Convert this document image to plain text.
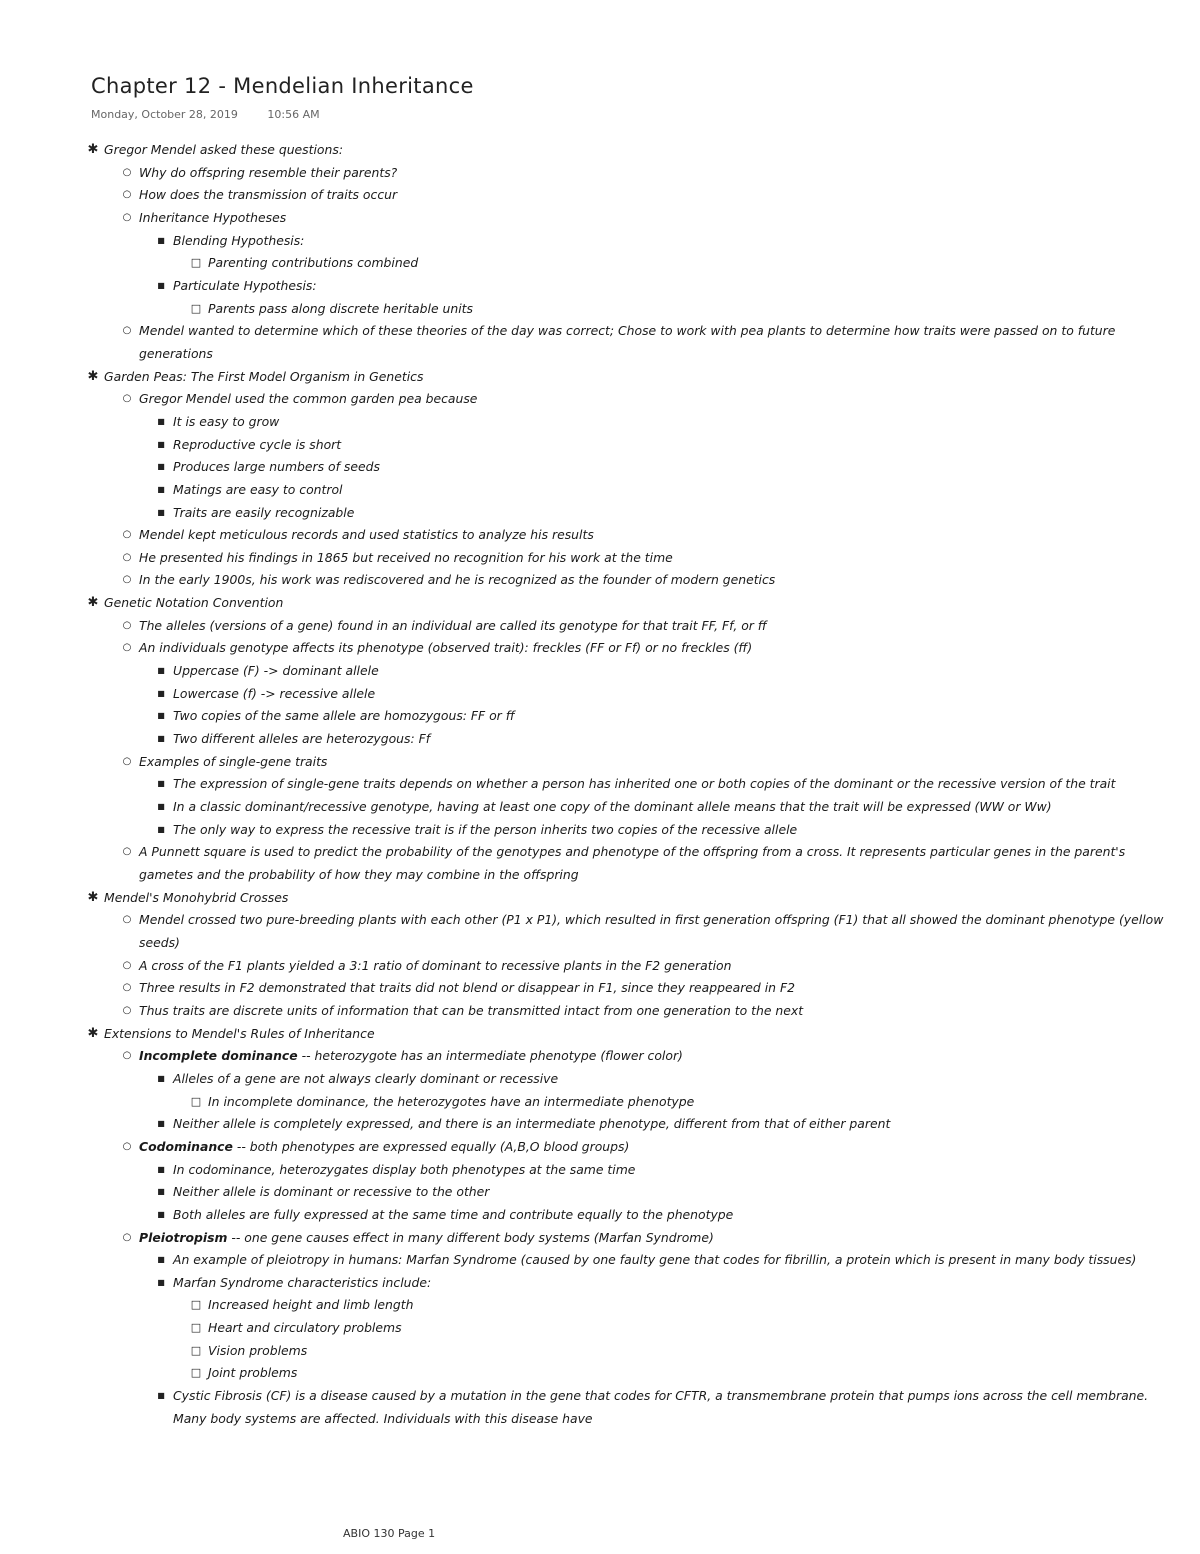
Chapter 12 - Mendelian Inheritance
Monday, October 28, 2019	10:56 AM
✱ Gregor Mendel asked these questions:
○ Why do offspring resemble their parents?
○ How does the transmission of traits occur
○ Inheritance Hypotheses
■ Blending Hypothesis:
□ Parenting contributions combined
■ Particulate Hypothesis:
□ Parents pass along discrete heritable units
○ Mendel wanted to determine which of these theories of the day was correct; Chose to work with pea plants to determine how traits were passed on to future generations
✱ Garden Peas: The First Model Organism in Genetics
○ Gregor Mendel used the common garden pea because
■ It is easy to grow
■ Reproductive cycle is short
■ Produces large numbers of seeds
■ Matings are easy to control
■ Traits are easily recognizable
○ Mendel kept meticulous records and used statistics to analyze his results
○ He presented his findings in 1865 but received no recognition for his work at the time
○ In the early 1900s, his work was rediscovered and he is recognized as the founder of modern genetics
✱ Genetic Notation Convention
○ The alleles (versions of a gene) found in an individual are called its genotype for that trait FF, Ff, or ff
○ An individuals genotype affects its phenotype (observed trait): freckles (FF or Ff) or no freckles (ff)
■ Uppercase (F) -> dominant allele
■ Lowercase (f) -> recessive allele
■ Two copies of the same allele are homozygous: FF or ff
■ Two different alleles are heterozygous: Ff
○ Examples of single-gene traits
■ The expression of single-gene traits depends on whether a person has inherited one or both copies of the dominant or the recessive version of the trait
■ In a classic dominant/recessive genotype, having at least one copy of the dominant allele means that the trait will be expressed (WW or Ww)
■ The only way to express the recessive trait is if the person inherits two copies of the recessive allele
○ A Punnett square is used to predict the probability of the genotypes and phenotype of the offspring from a cross. It represents particular genes in the parent's gametes and the probability of how they may combine in the offspring
✱ Mendel's Monohybrid Crosses
○ Mendel crossed two pure-breeding plants with each other (P1 x P1), which resulted in first generation offspring (F1) that all showed the dominant phenotype (yellow seeds)
○ A cross of the F1 plants yielded a 3:1 ratio of dominant to recessive plants in the F2 generation
○ Three results in F2 demonstrated that traits did not blend or disappear in F1, since they reappeared in F2
○ Thus traits are discrete units of information that can be transmitted intact from one generation to the next
✱ Extensions to Mendel's Rules of Inheritance
○ Incomplete dominance -- heterozygote has an intermediate phenotype (flower color)
■ Alleles of a gene are not always clearly dominant or recessive
□ In incomplete dominance, the heterozygotes have an intermediate phenotype
■ Neither allele is completely expressed, and there is an intermediate phenotype, different from that of either parent
○ Codominance -- both phenotypes are expressed equally (A,B,O blood groups)
■ In codominance, heterozygates display both phenotypes at the same time
■ Neither allele is dominant or recessive to the other
■ Both alleles are fully expressed at the same time and contribute equally to the phenotype
○ Pleiotropism -- one gene causes effect in many different body systems (Marfan Syndrome)
■ An example of pleiotropy in humans: Marfan Syndrome (caused by one faulty gene that codes for fibrillin, a protein which is present in many body tissues)
■ Marfan Syndrome characteristics include:
□ Increased height and limb length
□ Heart and circulatory problems
□ Vision problems
□ Joint problems
■ Cystic Fibrosis (CF) is a disease caused by a mutation in the gene that codes for CFTR, a transmembrane protein that pumps ions across the cell membrane. Many body systems are affected. Individuals with this disease have
ABIO 130 Page 1
